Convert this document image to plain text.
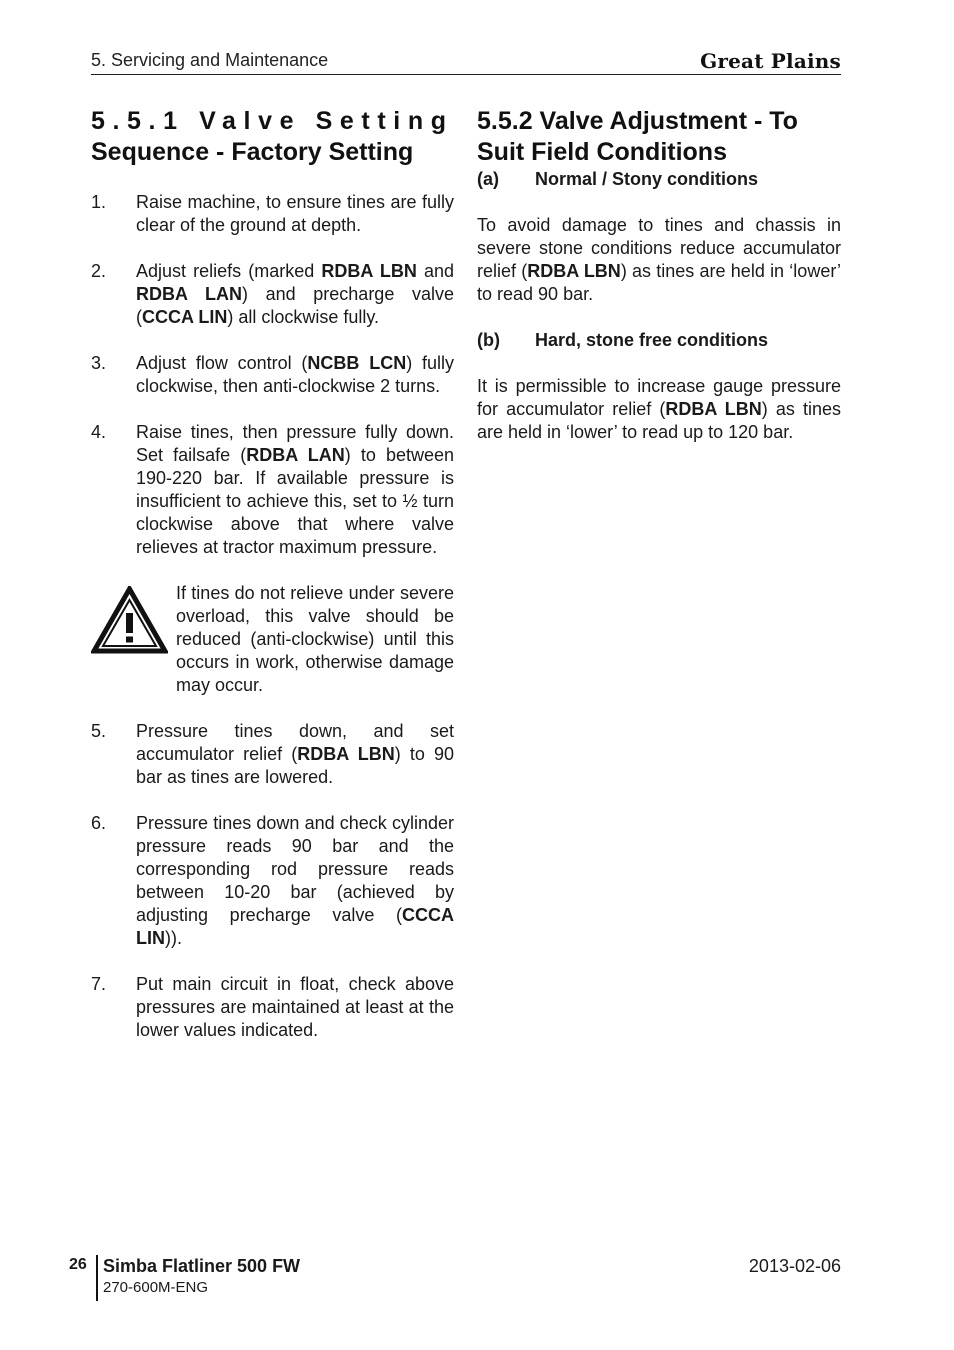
5. Servicing and Maintenance	Great Plains
5.5.1 Valve Setting
Sequence - Factory Setting

1. Raise machine, to ensure tines are fully clear of the ground at depth.

2. Adjust reliefs (marked RDBA LBN and RDBA LAN) and precharge valve (CCCA LIN) all clockwise fully.

3. Adjust flow control (NCBB LCN) fully clockwise, then anti-clockwise 2 turns.

4. Raise tines, then pressure fully down. Set failsafe (RDBA LAN) to between 190-220 bar. If available pressure is insufficient to achieve this, set to ½ turn clockwise above that where valve relieves at tractor maximum pressure.

If tines do not relieve under severe overload, this valve should be reduced (anti-clockwise) until this occurs in work, otherwise damage may occur.

5. Pressure tines down, and set accumulator relief (RDBA LBN) to 90 bar as tines are lowered.

6. Pressure tines down and check cylinder pressure reads 90 bar and the corresponding rod pressure reads between 10-20 bar (achieved by adjusting precharge valve (CCCA LIN)).

7. Put main circuit in float, check above pressures are maintained at least at the lower values indicated.

5.5.2 Valve Adjustment - To
Suit Field Conditions

(a) Normal / Stony conditions

To avoid damage to tines and chassis in severe stone conditions reduce accumulator relief (RDBA LBN) as tines are held in ‘lower’ to read 90 bar.

(b) Hard, stone free conditions

It is permissible to increase gauge pressure for accumulator relief (RDBA LBN) as tines are held in ‘lower’ to read up to 120 bar.

26 Simba Flatliner 500 FW
270-600M-ENG
2013-02-06
